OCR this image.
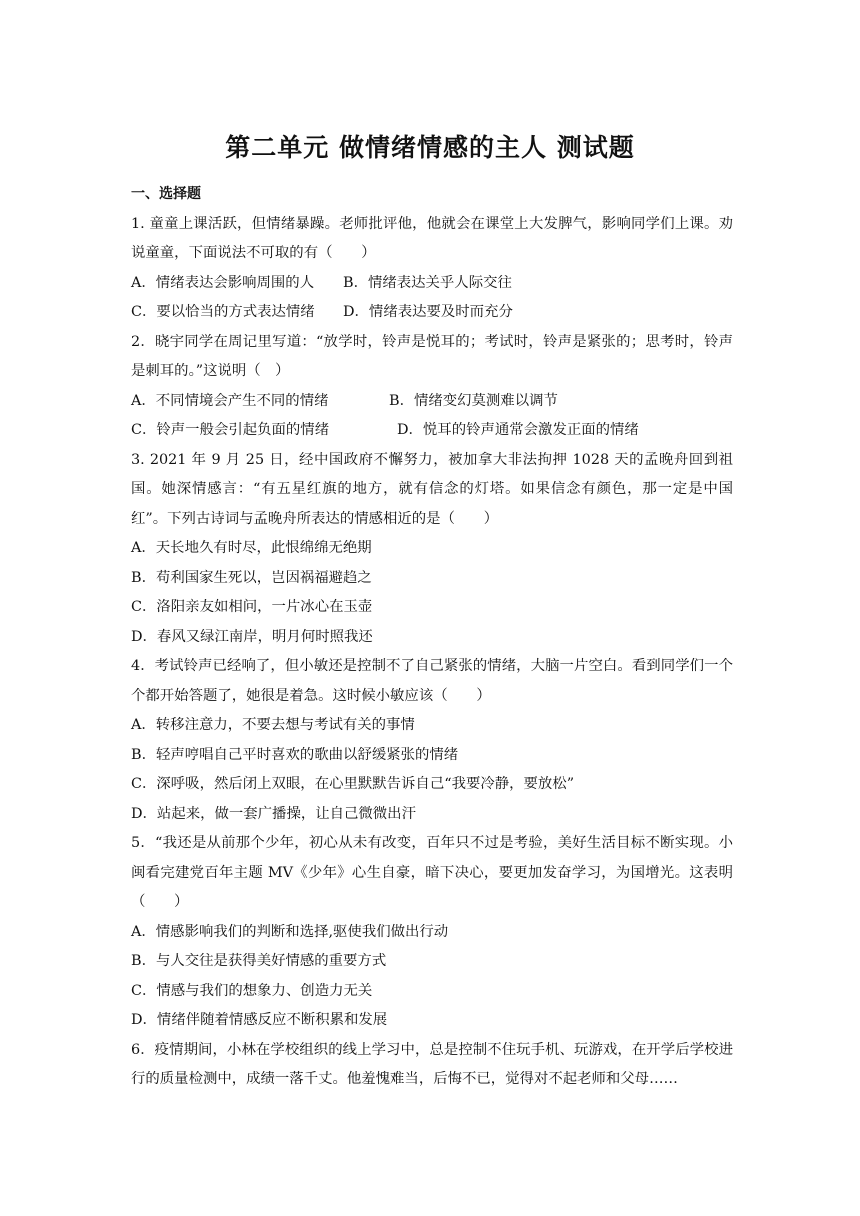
第二单元 做情绪情感的主人 测试题
一、选择题
1. 童童上课活跃，但情绪暴躁。老师批评他，他就会在课堂上大发脾气，影响同学们上课。劝说童童，下面说法不可取的有（　　）
A．情绪表达会影响周围的人	B．情绪表达关乎人际交往
C．要以恰当的方式表达情绪	D．情绪表达要及时而充分
2．晓宇同学在周记里写道：“放学时，铃声是悦耳的；考试时，铃声是紧张的；思考时，铃声是刺耳的。”这说明（　）
A．不同情境会产生不同的情绪	B．情绪变幻莫测难以调节
C．铃声一般会引起负面的情绪	D．悦耳的铃声通常会激发正面的情绪
3. 2021 年 9 月 25 日，经中国政府不懈努力，被加拿大非法拘押 1028 天的孟晚舟回到祖国。她深情感言：“有五星红旗的地方，就有信念的灯塔。如果信念有颜色，那一定是中国红”。下列古诗词与孟晚舟所表达的情感相近的是（　　）
A．天长地久有时尽，此恨绵绵无绝期
B．苟利国家生死以，岂因祸福避趋之
C．洛阳亲友如相问，一片冰心在玉壶
D．春风又绿江南岸，明月何时照我还
4．考试铃声已经响了，但小敏还是控制不了自己紧张的情绪，大脑一片空白。看到同学们一个个都开始答题了，她很是着急。这时候小敏应该（　　）
A．转移注意力，不要去想与考试有关的事情
B．轻声哼唱自己平时喜欢的歌曲以舒缓紧张的情绪
C．深呼吸，然后闭上双眼，在心里默默告诉自己“我要冷静，要放松”
D．站起来，做一套广播操，让自己微微出汗
5．“我还是从前那个少年，初心从未有改变，百年只不过是考验，美好生活目标不断实现。小闽看完建党百年主题 MV《少年》心生自豪，暗下决心，要更加发奋学习，为国增光。这表明（　　）
A．情感影响我们的判断和选择,驱使我们做出行动
B．与人交往是获得美好情感的重要方式
C．情感与我们的想象力、创造力无关
D．情绪伴随着情感反应不断积累和发展
6．疫情期间，小林在学校组织的线上学习中，总是控制不住玩手机、玩游戏，在开学后学校进行的质量检测中，成绩一落千丈。他羞愧难当，后悔不已，觉得对不起老师和父母……
